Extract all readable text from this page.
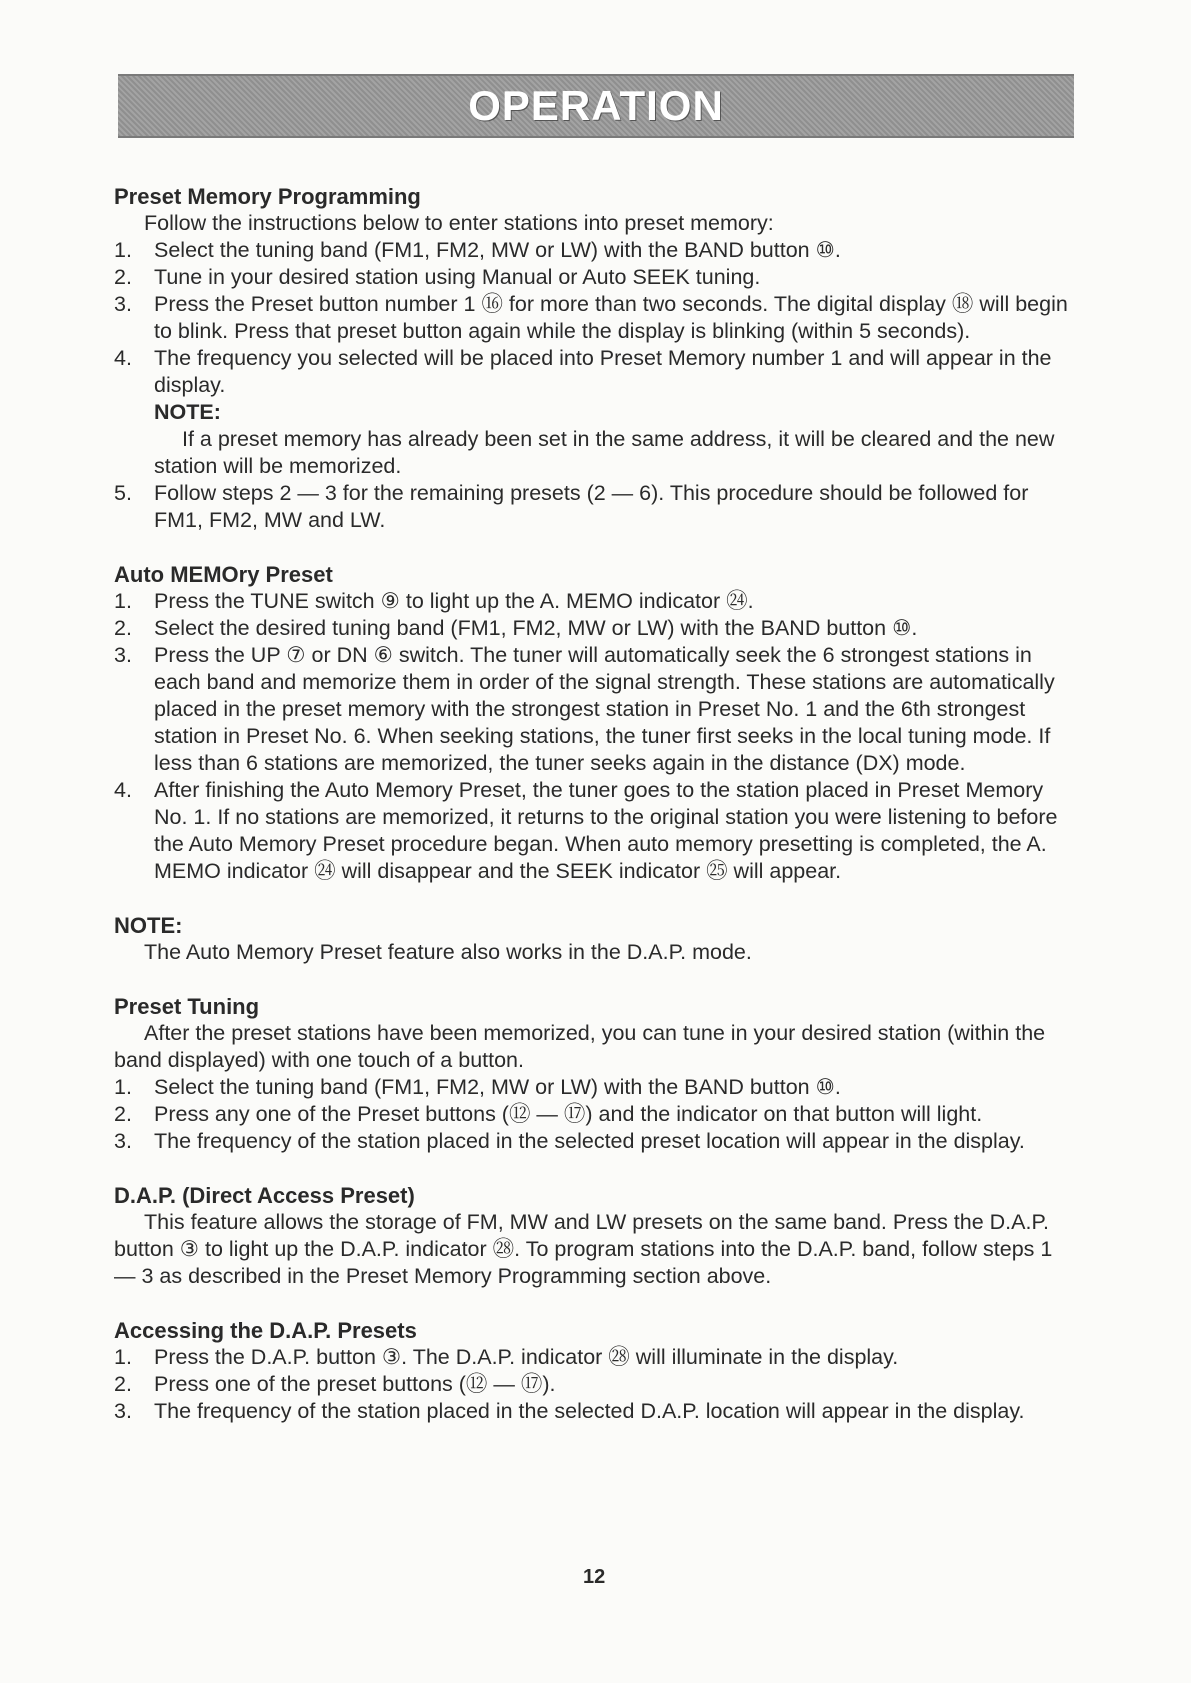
OPERATION

Preset Memory Programming

Follow the instructions below to enter stations into preset memory:

1. Select the tuning band (FM1, FM2, MW or LW) with the BAND button ⑩.
2. Tune in your desired station using Manual or Auto SEEK tuning.
3. Press the Preset button number 1 ⑯ for more than two seconds. The digital display ⑱ will begin to blink. Press that preset button again while the display is blinking (within 5 seconds).
4. The frequency you selected will be placed into Preset Memory number 1 and will appear in the display.
NOTE:
If a preset memory has already been set in the same address, it will be cleared and the new station will be memorized.
5. Follow steps 2 — 3 for the remaining presets (2 — 6). This procedure should be followed for FM1, FM2, MW and LW.

Auto MEMOry Preset

1. Press the TUNE switch ⑨ to light up the A. MEMO indicator ㉔.
2. Select the desired tuning band (FM1, FM2, MW or LW) with the BAND button ⑩.
3. Press the UP ⑦ or DN ⑥ switch. The tuner will automatically seek the 6 strongest stations in each band and memorize them in order of the signal strength. These stations are automatically placed in the preset memory with the strongest station in Preset No. 1 and the 6th strongest station in Preset No. 6. When seeking stations, the tuner first seeks in the local tuning mode. If less than 6 stations are memorized, the tuner seeks again in the distance (DX) mode.
4. After finishing the Auto Memory Preset, the tuner goes to the station placed in Preset Memory No. 1. If no stations are memorized, it returns to the original station you were listening to before the Auto Memory Preset procedure began. When auto memory presetting is completed, the A. MEMO indicator ㉔ will disappear and the SEEK indicator ㉕ will appear.

NOTE:

The Auto Memory Preset feature also works in the D.A.P. mode.

Preset Tuning

After the preset stations have been memorized, you can tune in your desired station (within the band displayed) with one touch of a button.

1. Select the tuning band (FM1, FM2, MW or LW) with the BAND button ⑩.
2. Press any one of the Preset buttons (⑫ — ⑰) and the indicator on that button will light.
3. The frequency of the station placed in the selected preset location will appear in the display.

D.A.P. (Direct Access Preset)

This feature allows the storage of FM, MW and LW presets on the same band. Press the D.A.P. button ③ to light up the D.A.P. indicator ㉘. To program stations into the D.A.P. band, follow steps 1 — 3 as described in the Preset Memory Programming section above.

Accessing the D.A.P. Presets

1. Press the D.A.P. button ③. The D.A.P. indicator ㉘ will illuminate in the display.
2. Press one of the preset buttons (⑫ — ⑰).
3. The frequency of the station placed in the selected D.A.P. location will appear in the display.
12
